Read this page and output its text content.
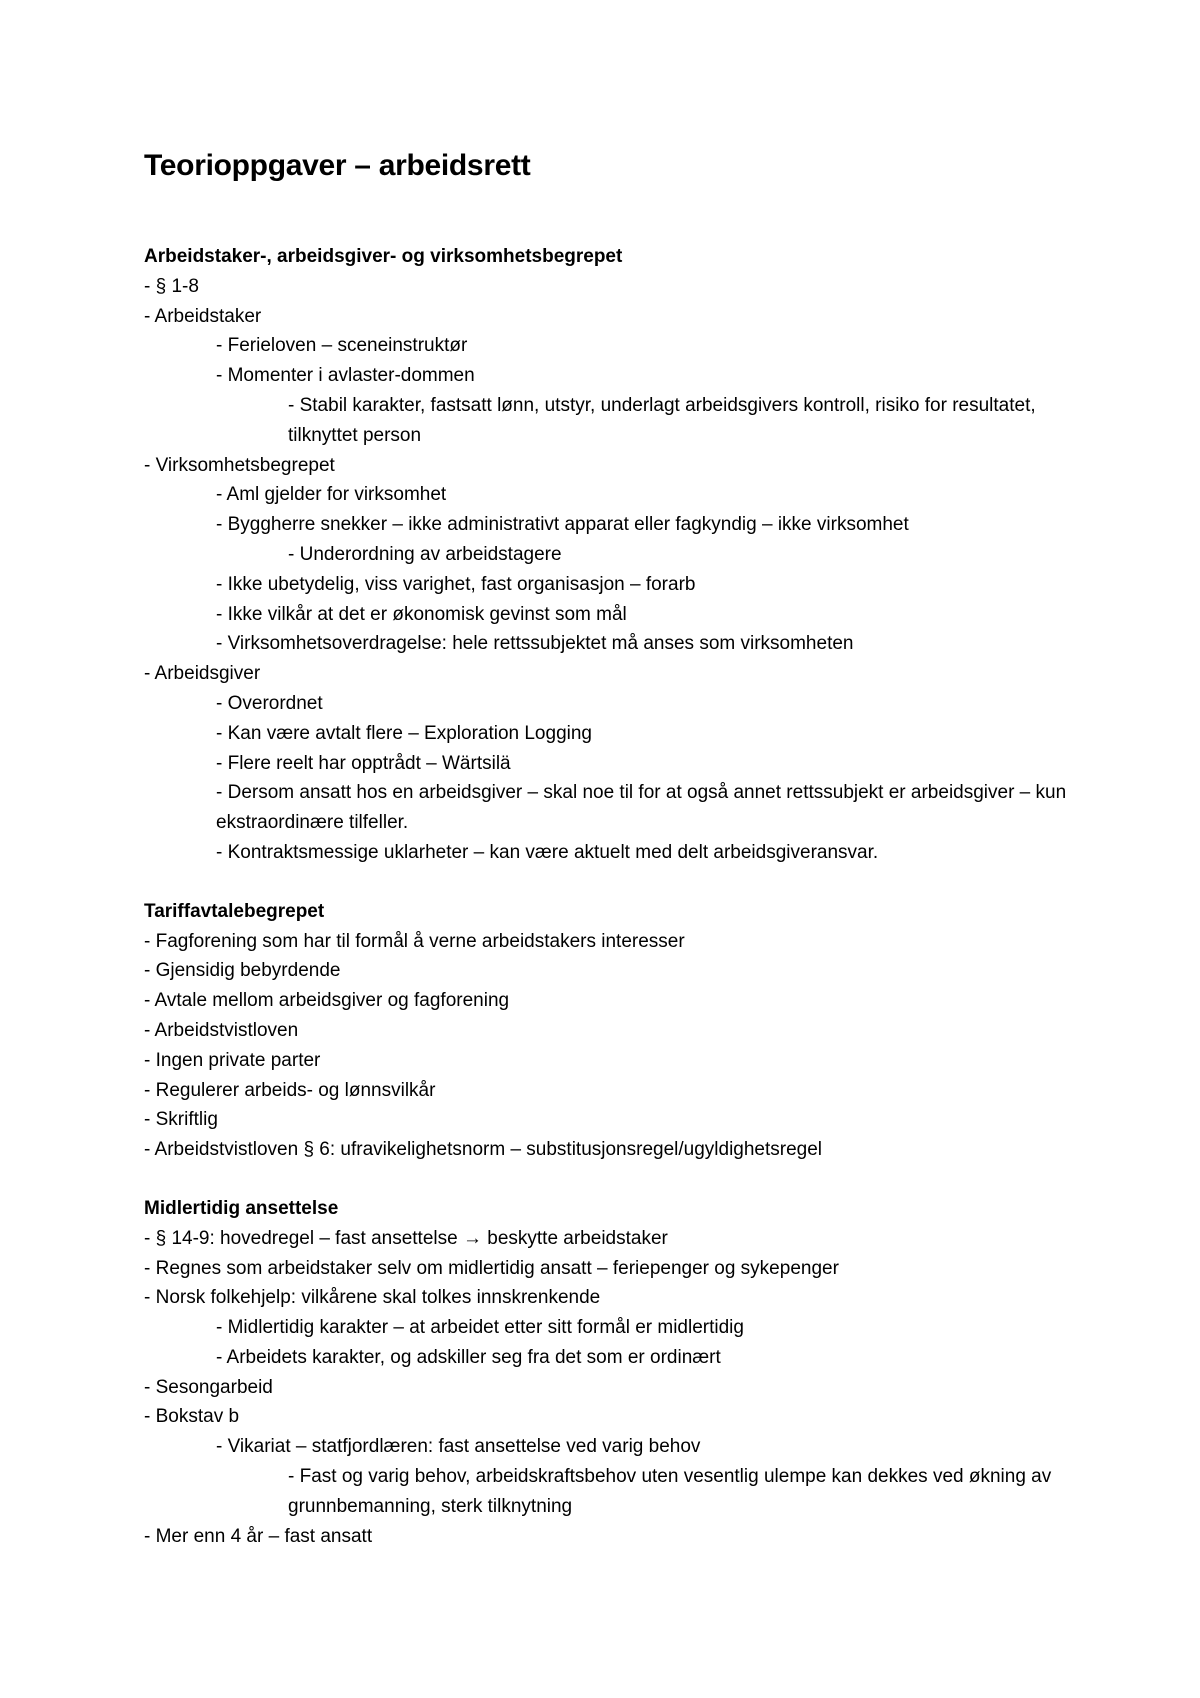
Teorioppgaver – arbeidsrett
Arbeidstaker-, arbeidsgiver- og virksomhetsbegrepet
- § 1-8
- Arbeidstaker
- Ferieloven – sceneinstruktør
- Momenter i avlaster-dommen
- Stabil karakter, fastsatt lønn, utstyr, underlagt arbeidsgivers kontroll, risiko for resultatet, tilknyttet person
- Virksomhetsbegrepet
- Aml gjelder for virksomhet
- Byggherre snekker – ikke administrativt apparat eller fagkyndig – ikke virksomhet
- Underordning av arbeidstagere
- Ikke ubetydelig, viss varighet, fast organisasjon – forarb
- Ikke vilkår at det er økonomisk gevinst som mål
- Virksomhetsoverdragelse: hele rettssubjektet må anses som virksomheten
- Arbeidsgiver
- Overordnet
- Kan være avtalt flere – Exploration Logging
- Flere reelt har opptrådt – Wärtsilä
- Dersom ansatt hos en arbeidsgiver – skal noe til for at også annet rettssubjekt er arbeidsgiver – kun ekstraordinære tilfeller.
- Kontraktsmessige uklarheter – kan være aktuelt med delt arbeidsgiveransvar.
Tariffavtalebegrepet
- Fagforening som har til formål å verne arbeidstakers interesser
- Gjensidig bebyrdende
- Avtale mellom arbeidsgiver og fagforening
- Arbeidstvistloven
- Ingen private parter
- Regulerer arbeids- og lønnsvilkår
- Skriftlig
- Arbeidstvistloven § 6: ufravikelighetsnorm – substitusjonsregel/ugyldighetsregel
Midlertidig ansettelse
- § 14-9: hovedregel – fast ansettelse → beskytte arbeidstaker
- Regnes som arbeidstaker selv om midlertidig ansatt – feriepenger og sykepenger
- Norsk folkehjelp: vilkårene skal tolkes innskrenkende
- Midlertidig karakter – at arbeidet etter sitt formål er midlertidig
- Arbeidets karakter, og adskiller seg fra det som er ordinært
- Sesongarbeid
- Bokstav b
- Vikariat – statfjordlæren: fast ansettelse ved varig behov
- Fast og varig behov, arbeidskraftsbehov uten vesentlig ulempe kan dekkes ved økning av grunnbemanning, sterk tilknytning
- Mer enn 4 år – fast ansatt
